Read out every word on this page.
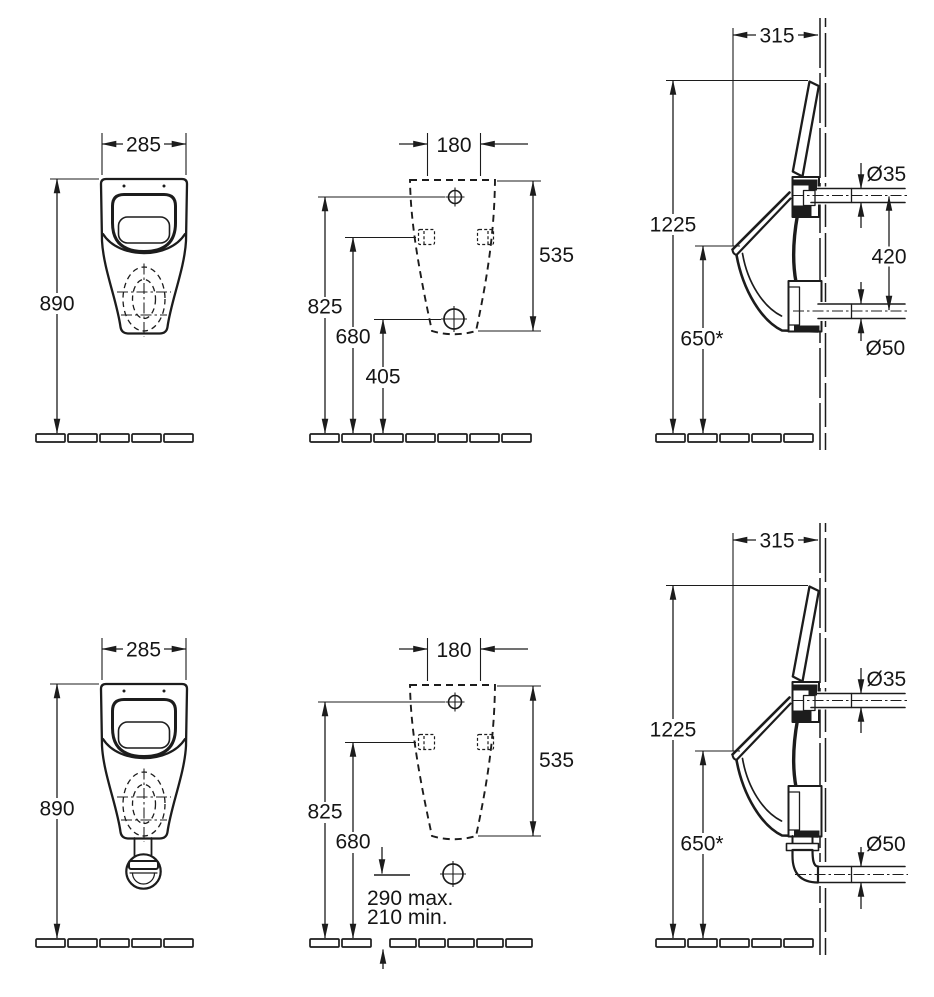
285
890
180
535
825
680
405
315
1225
650*
Ø35
420
Ø50
285
890
180
535
825
680
290 max.
210 min.
315
1225
650*
Ø35
Ø50
